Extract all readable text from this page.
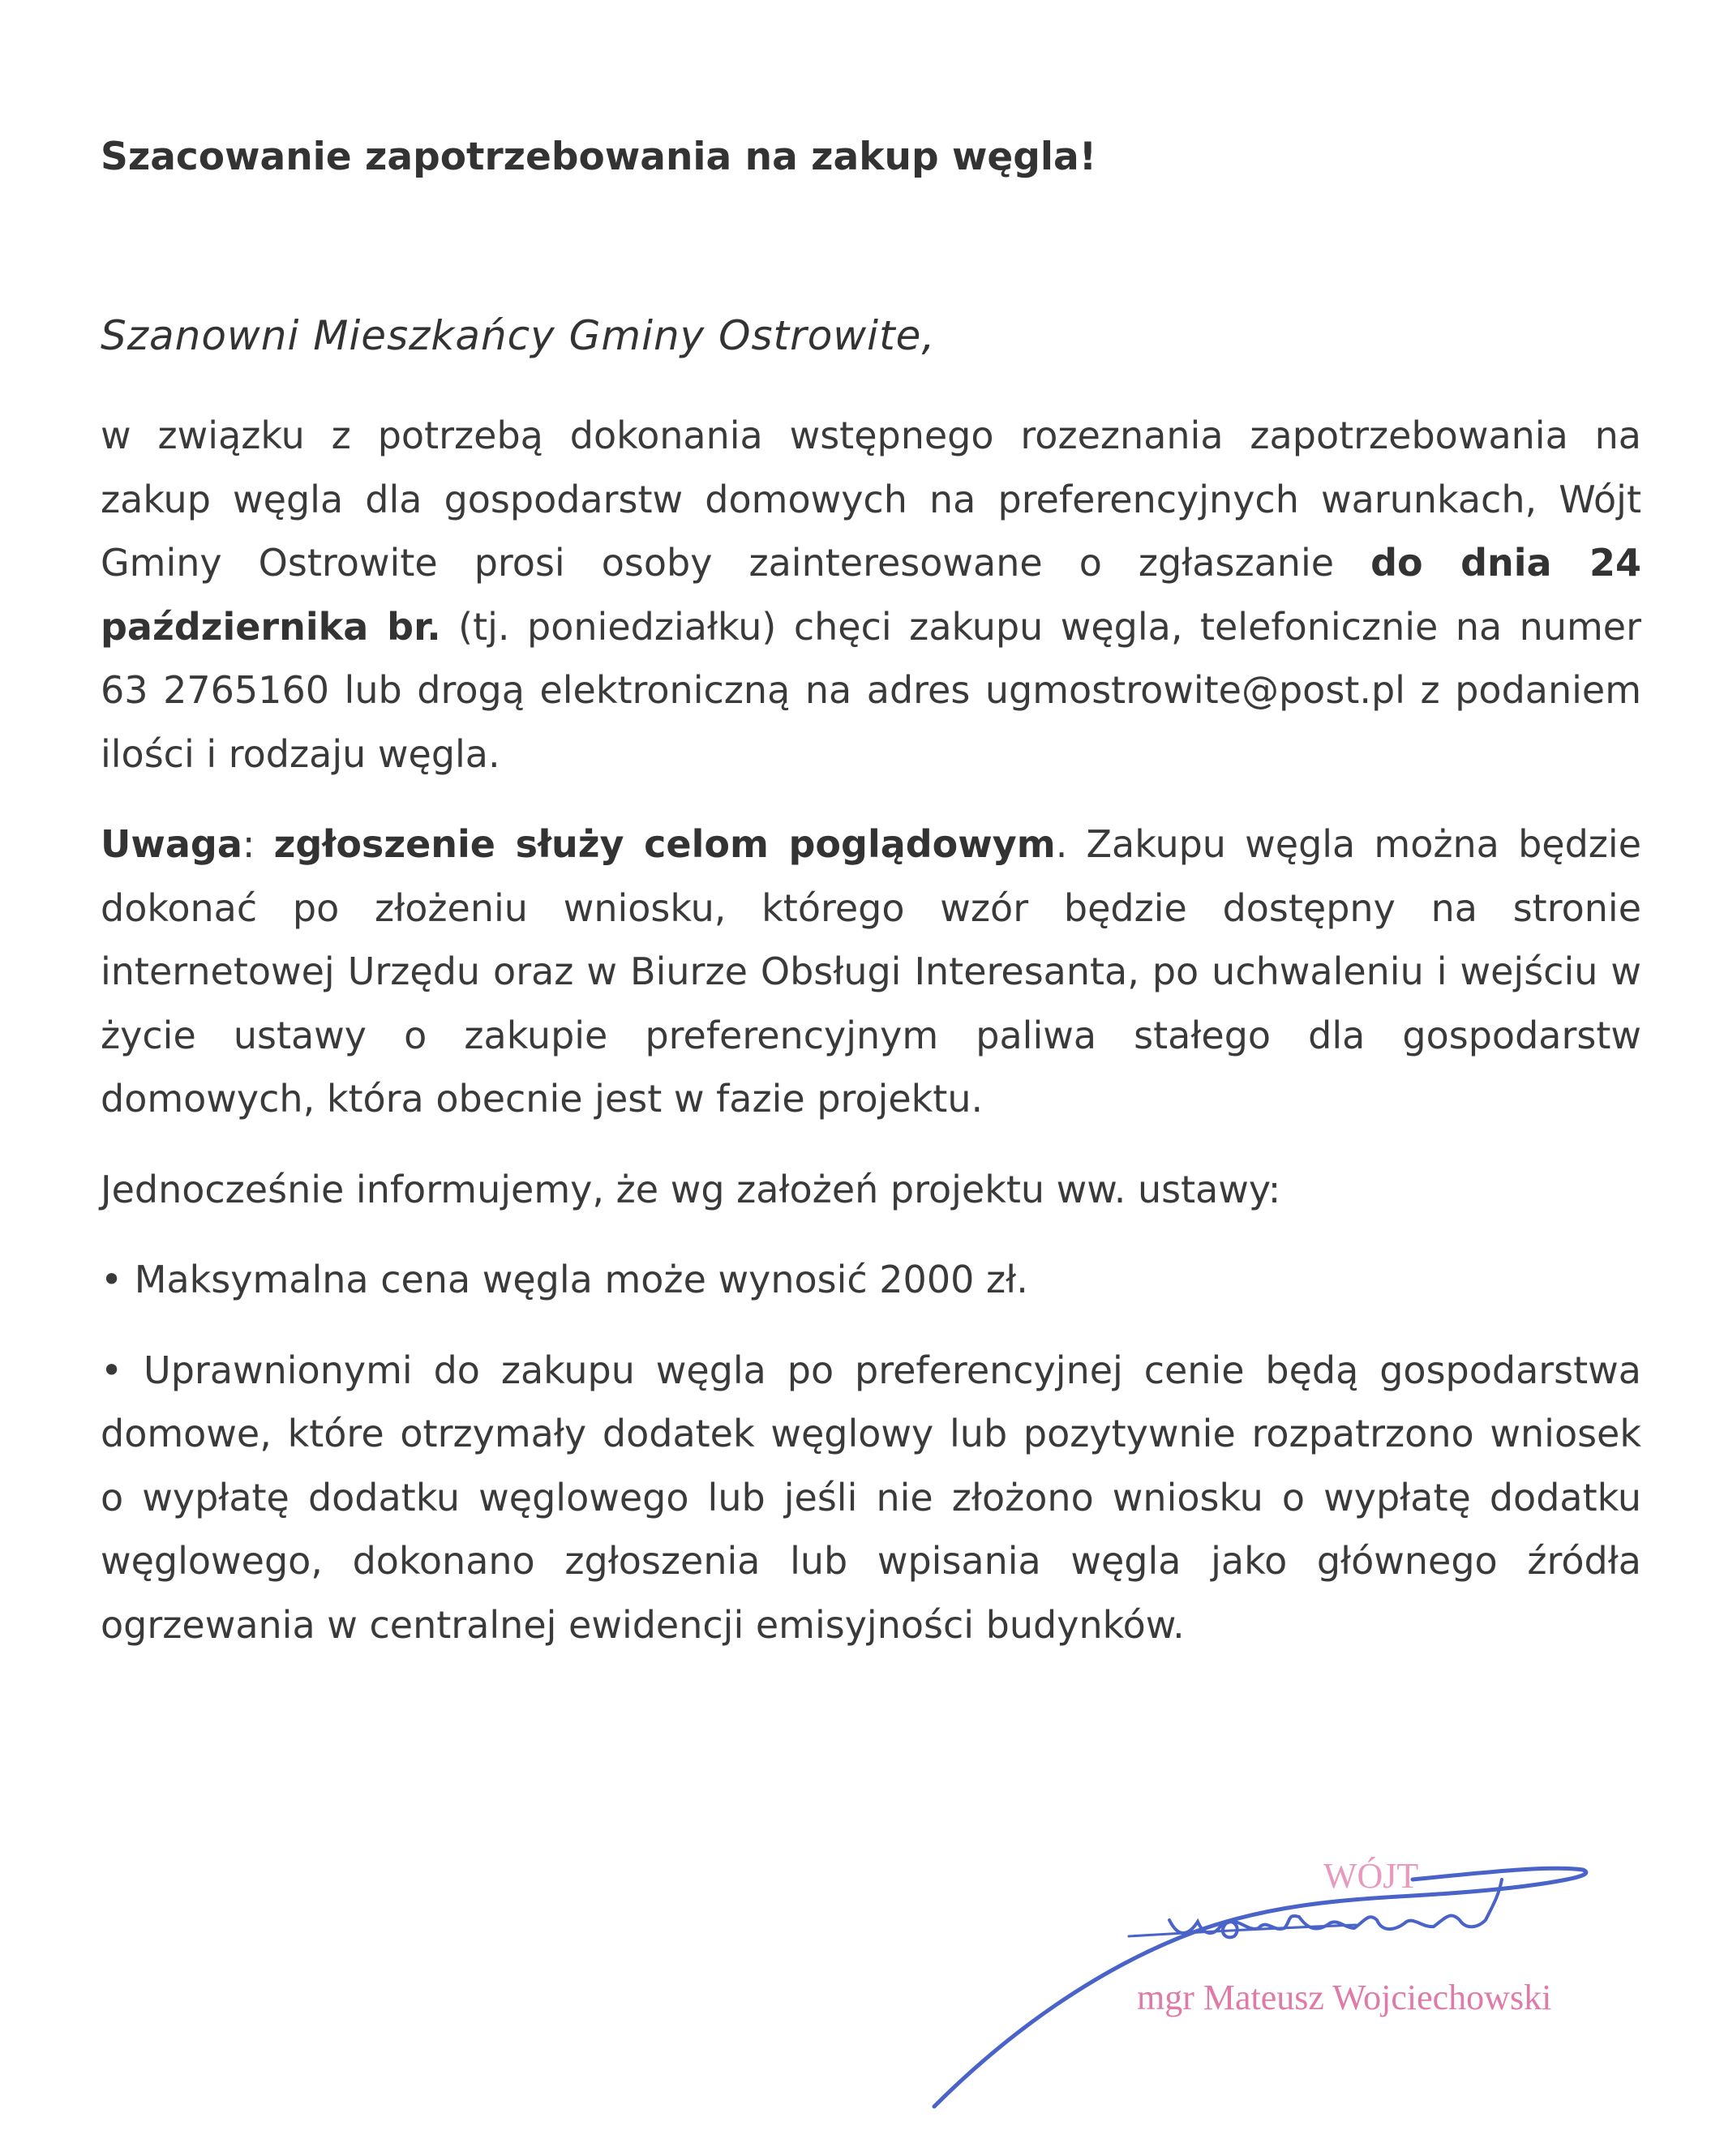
Szacowanie zapotrzebowania na zakup węgla!
Szanowni Mieszkańcy Gminy Ostrowite,

w związku z potrzebą dokonania wstępnego rozeznania zapotrzebowania na zakup węgla dla gospodarstw domowych na preferencyjnych warunkach, Wójt Gminy Ostrowite prosi osoby zainteresowane o zgłaszanie do dnia 24 października br. (tj. poniedziałku) chęci zakupu węgla, telefonicznie na numer 63 2765160 lub drogą elektroniczną na adres ugmostrowite@post.pl z podaniem ilości i rodzaju węgla.

Uwaga: zgłoszenie służy celom poglądowym. Zakupu węgla można będzie dokonać po złożeniu wniosku, którego wzór będzie dostępny na stronie internetowej Urzędu oraz w Biurze Obsługi Interesanta, po uchwaleniu i wejściu w życie ustawy o zakupie preferencyjnym paliwa stałego dla gospodarstw domowych, która obecnie jest w fazie projektu.

Jednocześnie informujemy, że wg założeń projektu ww. ustawy:

• Maksymalna cena węgla może wynosić 2000 zł.

• Uprawnionymi do zakupu węgla po preferencyjnej cenie będą gospodarstwa domowe, które otrzymały dodatek węglowy lub pozytywnie rozpatrzono wniosek o wypłatę dodatku węglowego lub jeśli nie złożono wniosku o wypłatę dodatku węglowego, dokonano zgłoszenia lub wpisania węgla jako głównego źródła ogrzewania w centralnej ewidencji emisyjności budynków.

WÓJT
mgr Mateusz Wojciechowski
